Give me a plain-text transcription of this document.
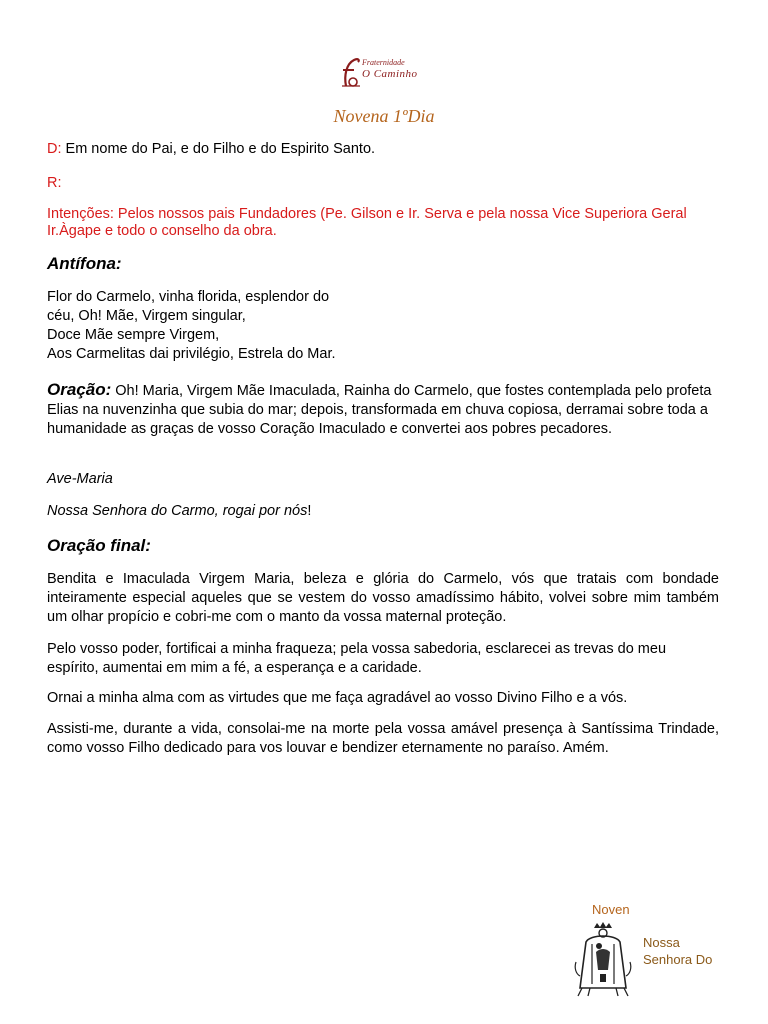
Fraternidade
O Caminho
Novena 1ºDia
D: Em nome do Pai, e do Filho e do Espirito Santo.
R:
Intenções: Pelos nossos pais Fundadores (Pe. Gilson e Ir. Serva e pela nossa Vice Superiora Geral Ir.Àgape e todo o conselho da obra.
Antífona:
Flor do Carmelo, vinha florida, esplendor do
céu, Oh! Mãe, Virgem singular,
Doce Mãe sempre Virgem,
Aos Carmelitas dai privilégio, Estrela do Mar.
Oração: Oh! Maria, Virgem Mãe Imaculada, Rainha do Carmelo, que fostes contemplada pelo profeta Elias na nuvenzinha que subia do mar; depois, transformada em chuva copiosa, derramai sobre toda a humanidade as graças de vosso Coração Imaculado e convertei aos pobres pecadores.
Ave-Maria
Nossa Senhora do Carmo, rogai por nós!
Oração final:
Bendita e Imaculada Virgem Maria, beleza e glória do Carmelo, vós que tratais com bondade inteiramente especial aqueles que se vestem do vosso amadíssimo hábito, volvei sobre mim também um olhar propício e cobri-me com o manto da vossa maternal proteção.
Pelo vosso poder, fortificai a minha fraqueza; pela vossa sabedoria, esclarecei as trevas do meu espírito, aumentai em mim a fé, a esperança e a caridade.
Ornai a minha alma com as virtudes que me faça agradável ao vosso Divino Filho e a vós.
Assisti-me, durante a vida, consolai-me na morte pela vossa amável presença à Santíssima Trindade, como vosso Filho dedicado para vos louvar e bendizer eternamente no paraíso. Amém.
Noven
Nossa
Senhora Do
